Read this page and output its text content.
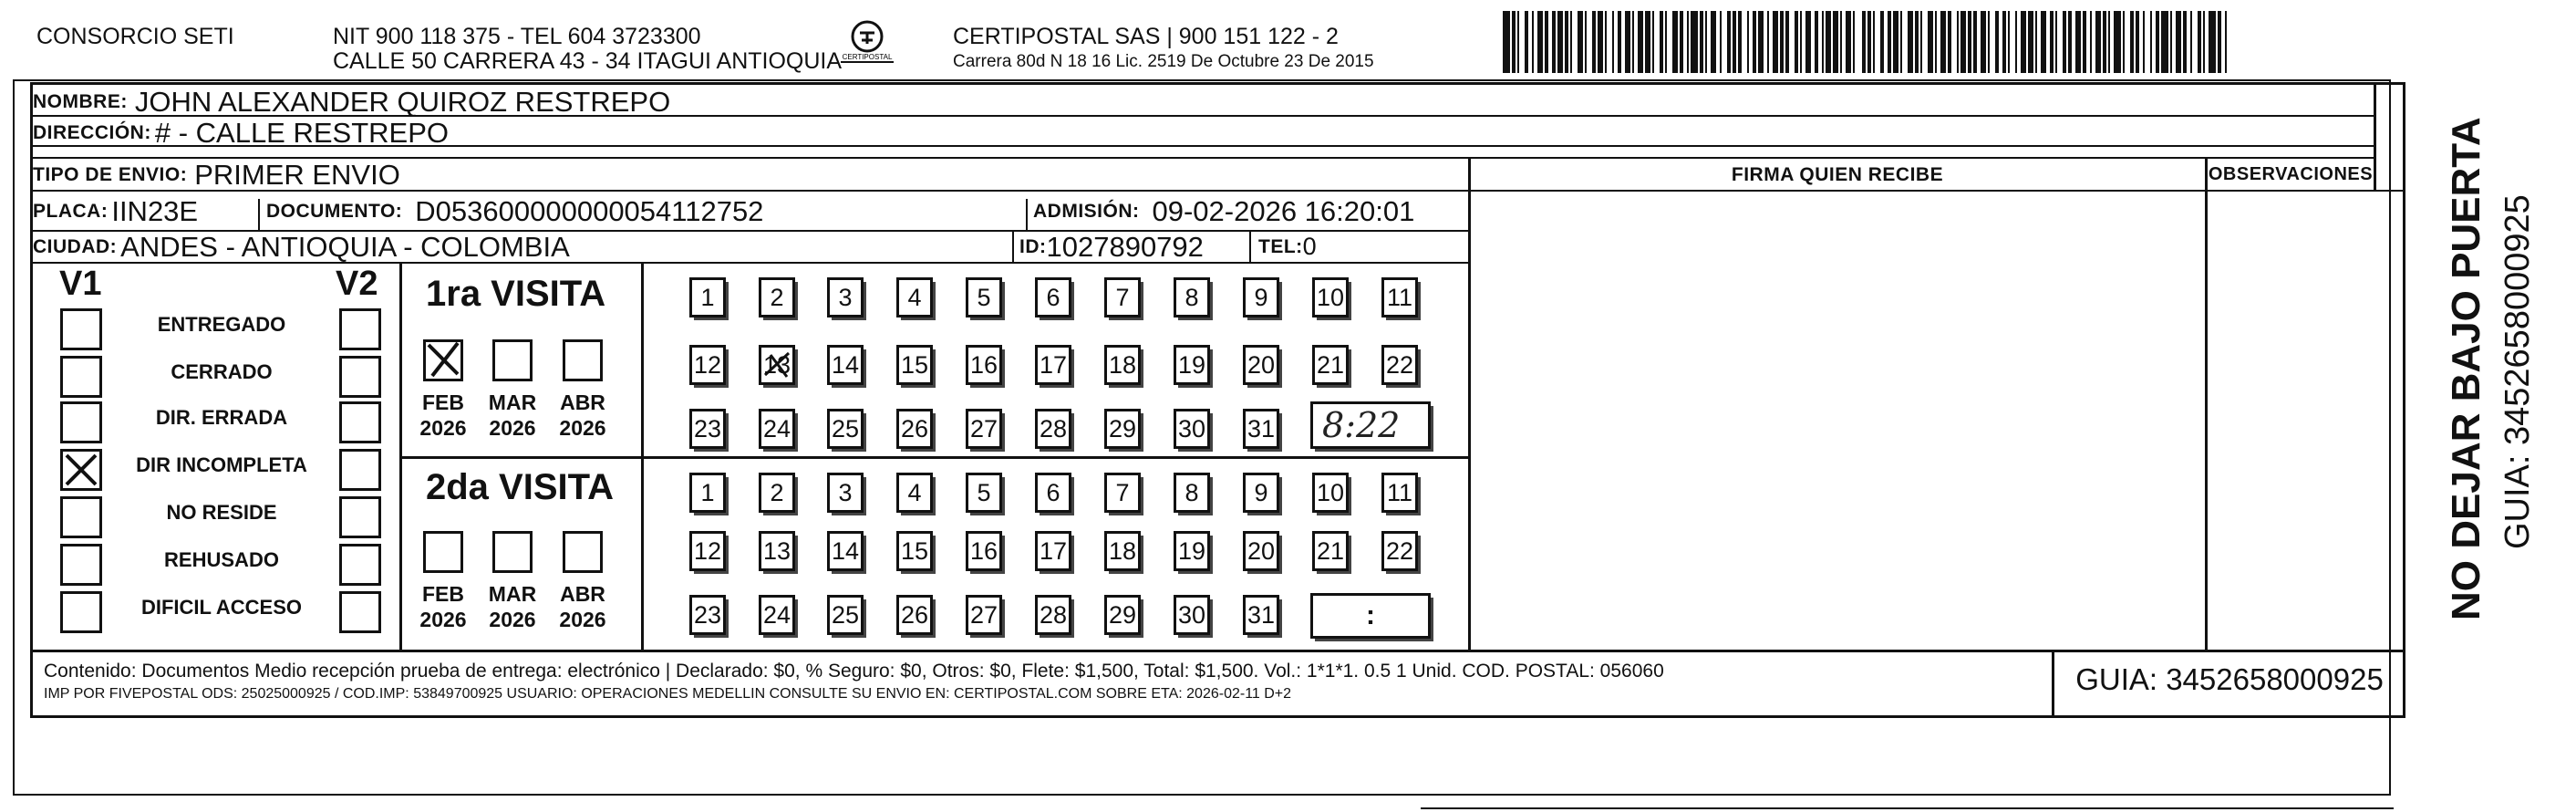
CONSORCIO SETI	NIT 900 118 375 - TEL 604 3723300
CALLE 50 CARRERA 43 - 34 ITAGUI ANTIOQUIA CERTIPOSTAL
CERTIPOSTAL SAS | 900 151 122 - 2
Carrera 80d N 18 16 Lic. 2519 De Octubre 23 De 2015
NOMBRE: JOHN ALEXANDER QUIROZ RESTREPO
DIRECCIÓN: # - CALLE RESTREPO
TIPO DE ENVIO: PRIMER ENVIO
PLACA: IIN23E	DOCUMENTO: D053600000000054112752	ADMISIÓN: 09-02-2026 16:20:01
CIUDAD: ANDES - ANTIOQUIA - COLOMBIA	ID: 1027890792	TEL: 0
FIRMA QUIEN RECIBE	OBSERVACIONES
V1	V2
ENTREGADO
CERRADO
DIR. ERRADA
DIR INCOMPLETA
NO RESIDE
REHUSADO
DIFICIL ACCESO
1ra VISITA
FEB
2026
MAR
2026
ABR
2026
1 2 3 4 5 6 7 8 9 10 11
12 13 14 15 16 17 18 19 20 21 22
23 24 25 26 27 28 29 30 31 8:22
2da VISITA
FEB
2026
MAR
2026
ABR
2026
1 2 3 4 5 6 7 8 9 10 11
12 13 14 15 16 17 18 19 20 21 22
23 24 25 26 27 28 29 30 31	:
Contenido: Documentos Medio recepción prueba de entrega: electrónico | Declarado: $0, % Seguro: $0, Otros: $0, Flete: $1,500, Total: $1,500. Vol.: 1*1*1. 0.5 1 Unid. COD. POSTAL: 056060
IMP POR FIVEPOSTAL ODS: 25025000925 / COD.IMP: 53849700925 USUARIO: OPERACIONES MEDELLIN CONSULTE SU ENVIO EN: CERTIPOSTAL.COM SOBRE ETA: 2026-02-11 D+2	GUIA: 3452658000925
NO DEJAR BAJO PUERTA GUIA: 3452658000925
